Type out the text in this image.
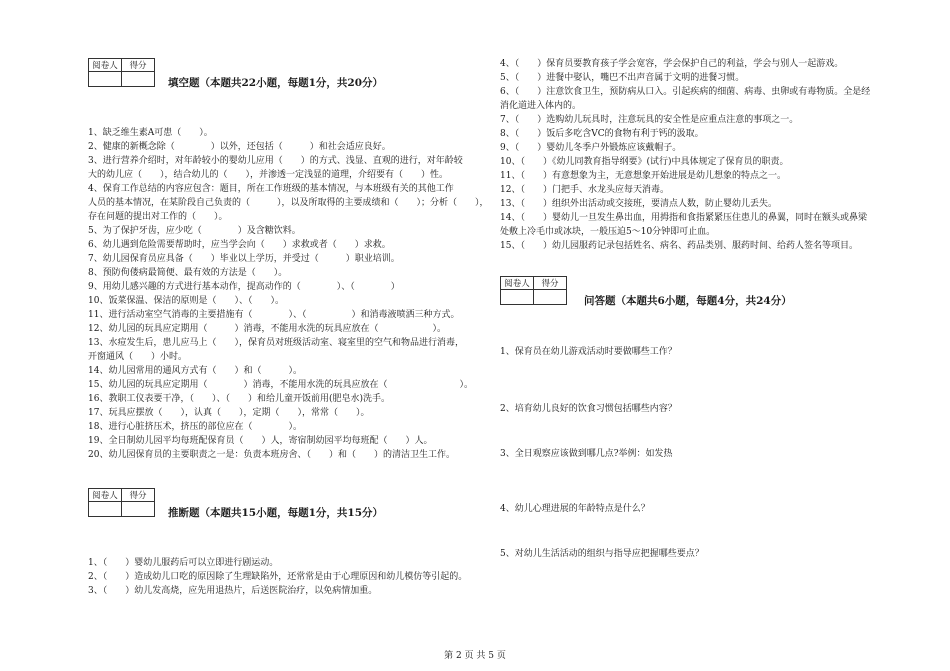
阅卷人	得分

填空题（本题共22小题，每题1分，共20分）
1、缺乏维生素A可患（　　）。
2、健康的新概念除（　　　　）以外，还包括（　　　）和社会适应良好。
3、进行营养介绍时，对年龄较小的婴幼儿应用（　　）的方式、浅显、直观的进行，对年龄较
大的幼儿应（　　），结合幼儿的（　　），并渗透一定浅显的道理，介绍要有（　　）性。
4、保育工作总结的内容应包含：题目，所在工作班级的基本情况，与本班级有关的其他工作
人员的基本情况，在某阶段自己负责的（　　　），以及所取得的主要成绩和（　　）；分析（　　），
存在问题的提出对工作的（　　）。
5、为了保护牙齿，应少吃（　　　　）及含糖饮料。
6、幼儿遇到危险需要帮助时，应当学会向（　　）求救或者（　　）求救。
7、幼儿园保育员应具备（　　）毕业以上学历，并受过（　　　）职业培训。
8、预防佝偻病最简便、最有效的方法是（　　）。
9、用幼儿感兴趣的方式进行基本动作，提高动作的（　　　　）、（　　　　）
10、饭菜保温、保洁的原则是（　　）、（　　）。
11、进行活动室空气消毒的主要措施有（　　　　）、（　　　　　）和消毒液喷洒三种方式。
12、幼儿园的玩具应定期用（　　　）消毒，不能用水洗的玩具应放在（　　　　　　）。
13、水痘发生后，患儿应马上（　　），保育员对班级活动室、寝室里的空气和物品进行消毒，
开窗通风（　　）小时。
14、幼儿园常用的通风方式有（　　）和（　　　）。
15、幼儿园的玩具应定期用（　　　　）消毒，不能用水洗的玩具应放在（　　　　　　　　）。
16、教职工仪表要干净，（　　）、（　　）和给儿童开饭前用(肥皂水)洗手。
17、玩具应摆放（　　），认真（　　），定期（　　），常常（　　）。
18、进行心脏挤压术，挤压的部位应在（　　　　）。
19、全日制幼儿园平均每班配保育员（　　）人，寄宿制幼园平均每班配（　　）人。
20、幼儿园保育员的主要职责之一是：负责本班房舍、（　　）和（　　）的清洁卫生工作。
阅卷人	得分

推断题（本题共15小题，每题1分，共15分）
1、（　　）婴幼儿服药后可以立即进行剧运动。
2、（　　）造成幼儿口吃的原因除了生理缺陷外，还常常是由于心理原因和幼儿模仿等引起的。
3、（　　）幼儿发高烧，应先用退热片，后送医院治疗，以免病情加重。
4、（　　）保育员要教育孩子学会宽容，学会保护自己的利益，学会与别人一起游戏。
5、（　　）进餐中娶认，嘴巴不出声音属于文明的进餐习惯。
6、（　　）注意饮食卫生，预防病从口入。引起疾病的细菌、病毒、虫卵或有毒物质。全是经
消化道进入体内的。
7、（　　）选购幼儿玩具时，注意玩具的安全性是应重点注意的事项之一。
8、（　　）饭后多吃含VC的食物有利于钙的汲取。
9、（　　）婴幼儿冬季户外锻炼应该戴帽子。
10、（　　）《幼儿同教育指导纲要》(试行)中具体规定了保育员的职责。
11、（　　）有意想象为主，无意想象开始进展是幼儿想象的特点之一。
12、（　　）门把手、水龙头应每天消毒。
13、（　　）组织外出活动或交接班，要清点人数，防止婴幼儿丢失。
14、（　　）婴幼儿一旦发生鼻出血，用拇指和食指紧紧压住患儿的鼻翼，同时在额头或鼻梁
处敷上冷毛巾或冰块，一般压迫5～10分钟即可止血。
15、（　　）幼儿园服药记录包括姓名、病名、药品类别、服药时间、给药人签名等项目。
阅卷人	得分

问答题（本题共6小题，每题4分，共24分）
1、保育员在幼儿游戏活动时要做哪些工作？
2、培育幼儿良好的饮食习惯包括哪些内容？
3、全日观察应该做到哪几点?举例：如发热
4、幼儿心理进展的年龄特点是什么？
5、对幼儿生活活动的组织与指导应把握哪些要点？
第 2 页 共 5 页
